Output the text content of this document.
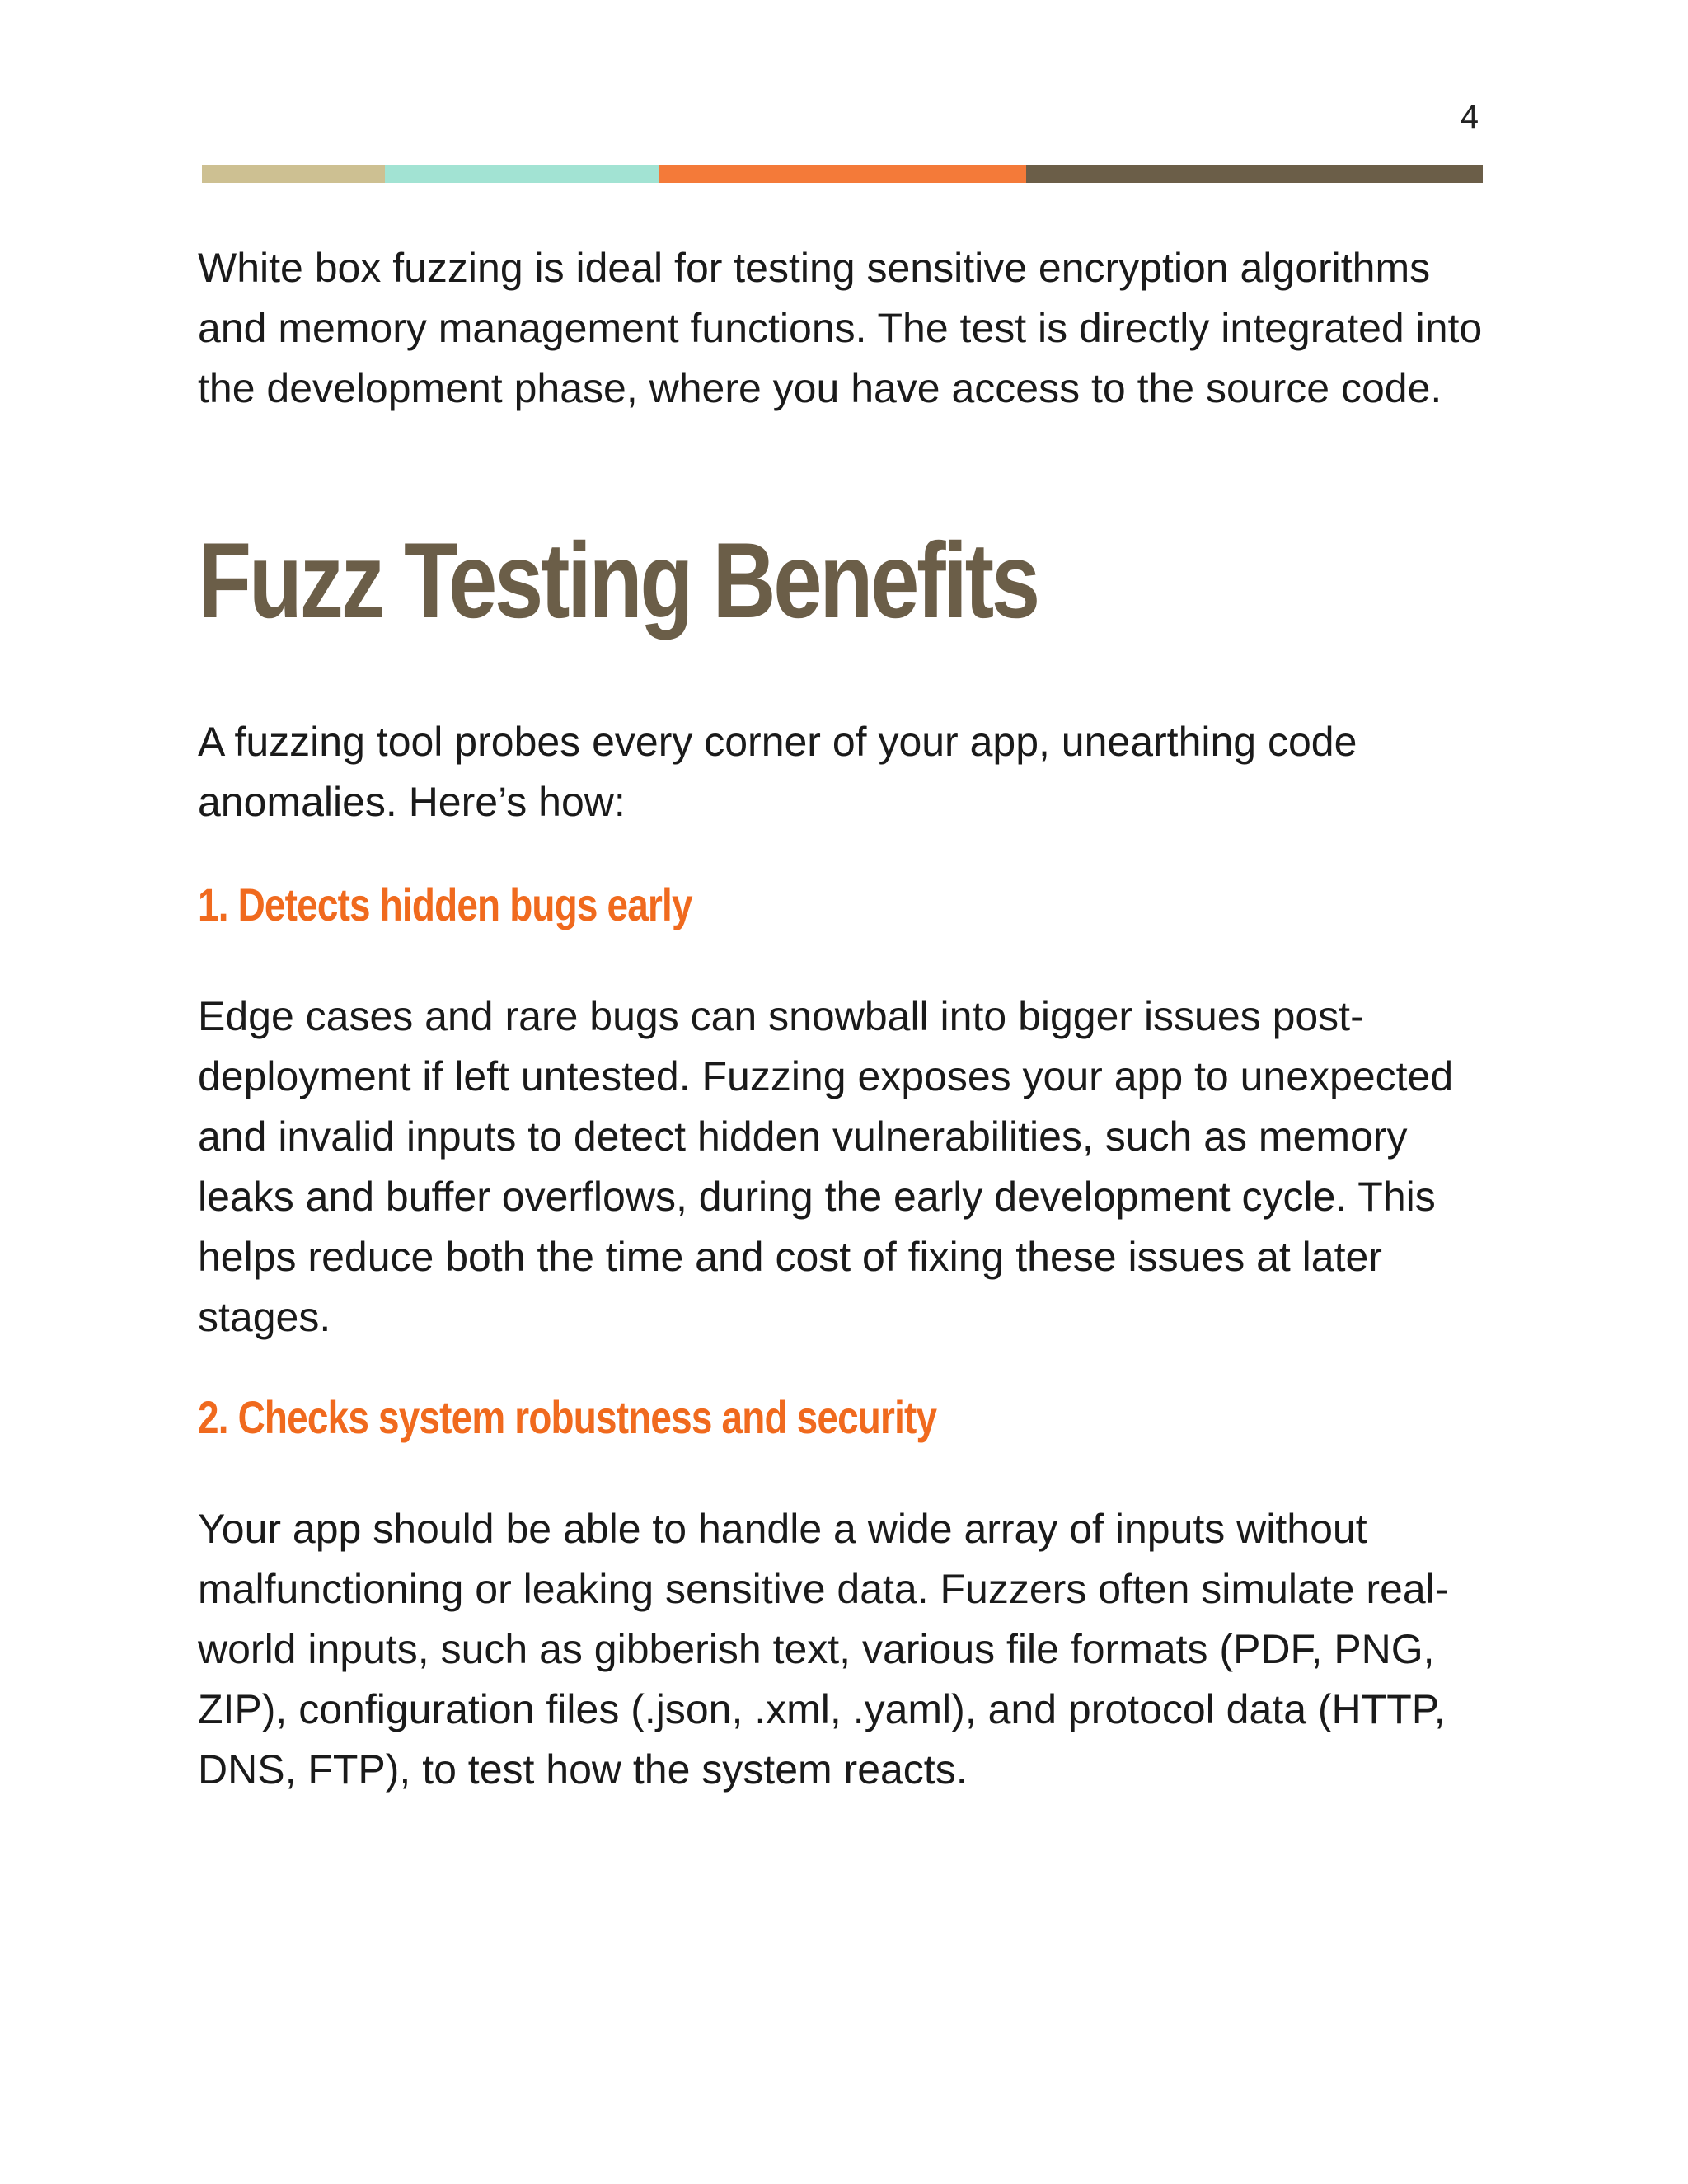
4

White box fuzzing is ideal for testing sensitive encryption algorithms and memory management functions. The test is directly integrated into the development phase, where you have access to the source code.

Fuzz Testing Benefits

A fuzzing tool probes every corner of your app, unearthing code anomalies. Here’s how:

1. Detects hidden bugs early

Edge cases and rare bugs can snowball into bigger issues post-deployment if left untested. Fuzzing exposes your app to unexpected and invalid inputs to detect hidden vulnerabilities, such as memory leaks and buffer overflows, during the early development cycle. This helps reduce both the time and cost of fixing these issues at later stages.

2. Checks system robustness and security

Your app should be able to handle a wide array of inputs without malfunctioning or leaking sensitive data. Fuzzers often simulate real-world inputs, such as gibberish text, various file formats (PDF, PNG, ZIP), configuration files (.json, .xml, .yaml), and protocol data (HTTP, DNS, FTP), to test how the system reacts.
